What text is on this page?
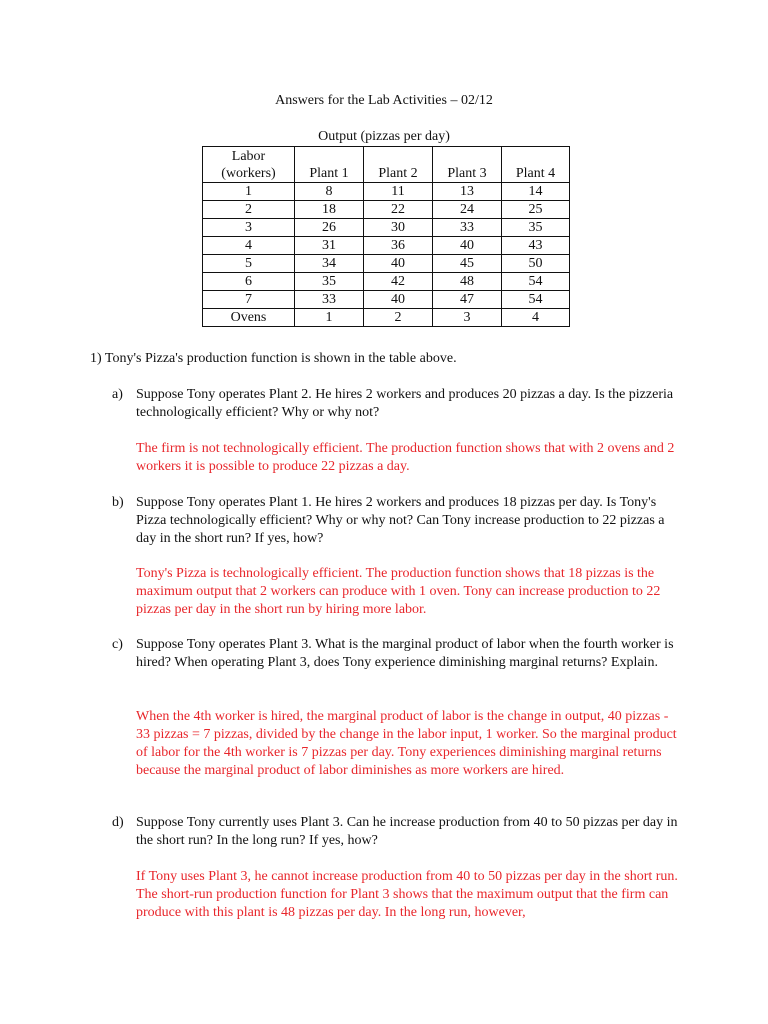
Answers for the Lab Activities – 02/12
Output (pizzas per day)
Labor
(workers)	Plant 1	Plant 2	Plant 3	Plant 4
1	8	11	13	14
2	18	22	24	25
3	26	30	33	35
4	31	36	40	43
5	34	40	45	50
6	35	42	48	54
7	33	40	47	54
Ovens	1	2	3	4
1) Tony's Pizza's production function is shown in the table above.
a) Suppose Tony operates Plant 2. He hires 2 workers and produces 20 pizzas a day. Is the pizzeria technologically efficient? Why or why not?
The firm is not technologically efficient. The production function shows that with 2 ovens and 2 workers it is possible to produce 22 pizzas a day.
b) Suppose Tony operates Plant 1. He hires 2 workers and produces 18 pizzas per day. Is Tony's Pizza technologically efficient? Why or why not? Can Tony increase production to 22 pizzas a day in the short run? If yes, how?
Tony's Pizza is technologically efficient. The production function shows that 18 pizzas is the maximum output that 2 workers can produce with 1 oven. Tony can increase production to 22 pizzas per day in the short run by hiring more labor.
c) Suppose Tony operates Plant 3. What is the marginal product of labor when the fourth worker is hired? When operating Plant 3, does Tony experience diminishing marginal returns? Explain.
When the 4th worker is hired, the marginal product of labor is the change in output, 40 pizzas - 33 pizzas = 7 pizzas, divided by the change in the labor input, 1 worker. So the marginal product of labor for the 4th worker is 7 pizzas per day. Tony experiences diminishing marginal returns because the marginal product of labor diminishes as more workers are hired.
d) Suppose Tony currently uses Plant 3. Can he increase production from 40 to 50 pizzas per day in the short run? In the long run? If yes, how?
If Tony uses Plant 3, he cannot increase production from 40 to 50 pizzas per day in the short run. The short-run production function for Plant 3 shows that the maximum output that the firm can produce with this plant is 48 pizzas per day. In the long run, however,
